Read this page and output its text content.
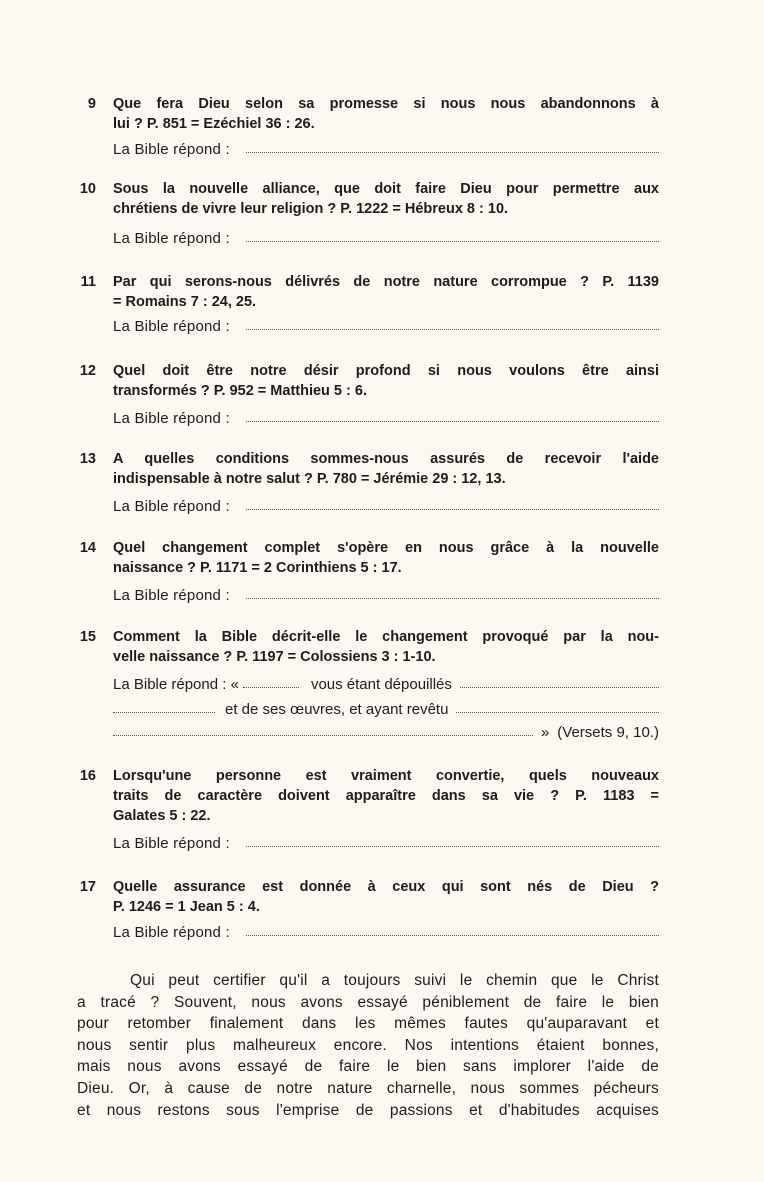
9 Que fera Dieu selon sa promesse si nous nous abandonnons à
lui ? P. 851 = Ezéchiel 36 : 26.
La Bible répond :
10 Sous la nouvelle alliance, que doit faire Dieu pour permettre aux
chrétiens de vivre leur religion ? P. 1222 = Hébreux 8 : 10.
La Bible répond :
11 Par qui serons-nous délivrés de notre nature corrompue ? P. 1139
= Romains 7 : 24, 25.
La Bible répond :
12 Quel doit être notre désir profond si nous voulons être ainsi
transformés ? P. 952 = Matthieu 5 : 6.
La Bible répond :
13 A quelles conditions sommes-nous assurés de recevoir l'aide
indispensable à notre salut ? P. 780 = Jérémie 29 : 12, 13.
La Bible répond :
14 Quel changement complet s'opère en nous grâce à la nouvelle
naissance ? P. 1171 = 2 Corinthiens 5 : 17.
La Bible répond :
15 Comment la Bible décrit-elle le changement provoqué par la nou-
velle naissance ? P. 1197 = Colossiens 3 : 1-10.
La Bible répond : «	vous étant dépouillés
et de ses œuvres, et ayant revêtu
» (Versets 9, 10.)
16 Lorsqu'une personne est vraiment convertie, quels nouveaux
traits de caractère doivent apparaître dans sa vie ? P. 1183 =
Galates 5 : 22.
La Bible répond :
17 Quelle assurance est donnée à ceux qui sont nés de Dieu ?
P. 1246 = 1 Jean 5 : 4.
La Bible répond :
Qui peut certifier qu'il a toujours suivi le chemin que le Christ
a tracé ? Souvent, nous avons essayé péniblement de faire le bien
pour retomber finalement dans les mêmes fautes qu'auparavant et
nous sentir plus malheureux encore. Nos intentions étaient bonnes,
mais nous avons essayé de faire le bien sans implorer l'aide de
Dieu. Or, à cause de notre nature charnelle, nous sommes pécheurs
et nous restons sous l'emprise de passions et d'habitudes acquises
